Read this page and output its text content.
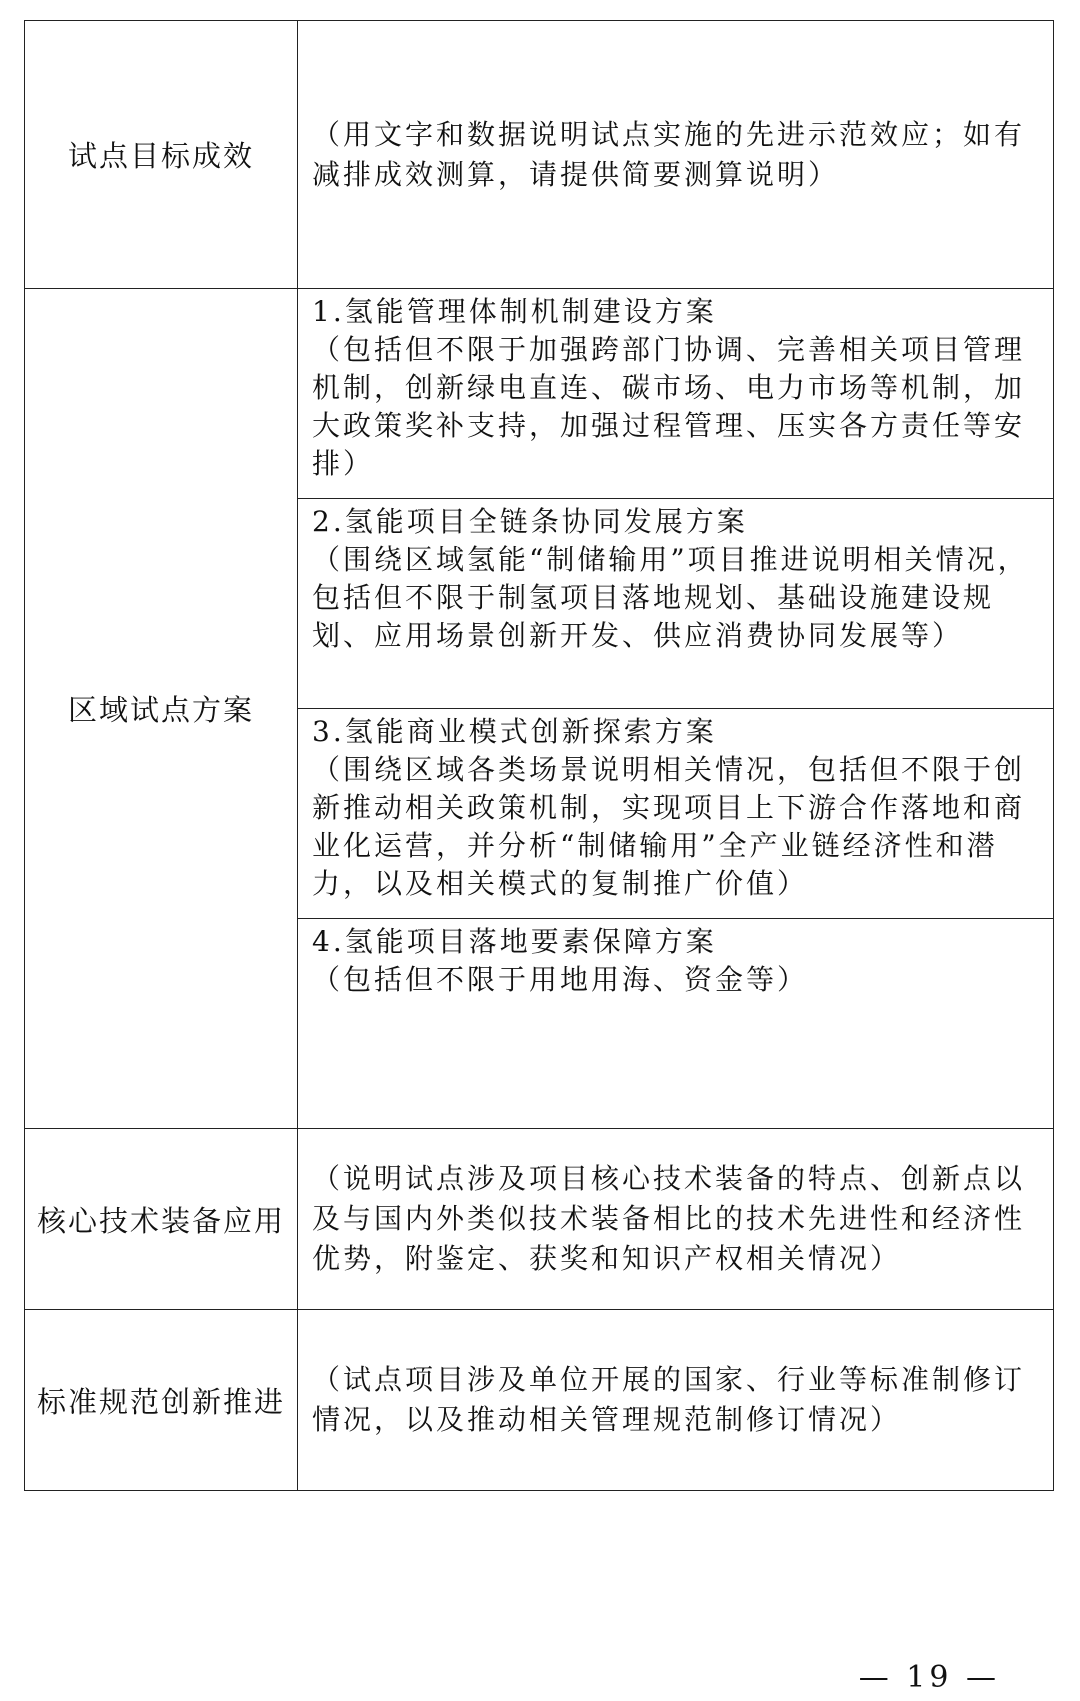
试点目标成效	（用文字和数据说明试点实施的先进示范效应；如有减排成效测算，请提供简要测算说明）
区域试点方案	1.氢能管理体制机制建设方案
（包括但不限于加强跨部门协调、完善相关项目管理机制，创新绿电直连、碳市场、电力市场等机制，加大政策奖补支持，加强过程管理、压实各方责任等安排）

	2.氢能项目全链条协同发展方案
（围绕区域氢能“制储输用”项目推进说明相关情况，包括但不限于制氢项目落地规划、基础设施建设规划、应用场景创新开发、供应消费协同发展等）

	3.氢能商业模式创新探索方案
（围绕区域各类场景说明相关情况，包括但不限于创新推动相关政策机制，实现项目上下游合作落地和商业化运营，并分析“制储输用”全产业链经济性和潜力，以及相关模式的复制推广价值）

	4.氢能项目落地要素保障方案
（包括但不限于用地用海、资金等）

核心技术装备应用	（说明试点涉及项目核心技术装备的特点、创新点以及与国内外类似技术装备相比的技术先进性和经济性优势，附鉴定、获奖和知识产权相关情况）
标准规范创新推进	（试点项目涉及单位开展的国家、行业等标准制修订情况，以及推动相关管理规范制修订情况）
— 19 —
